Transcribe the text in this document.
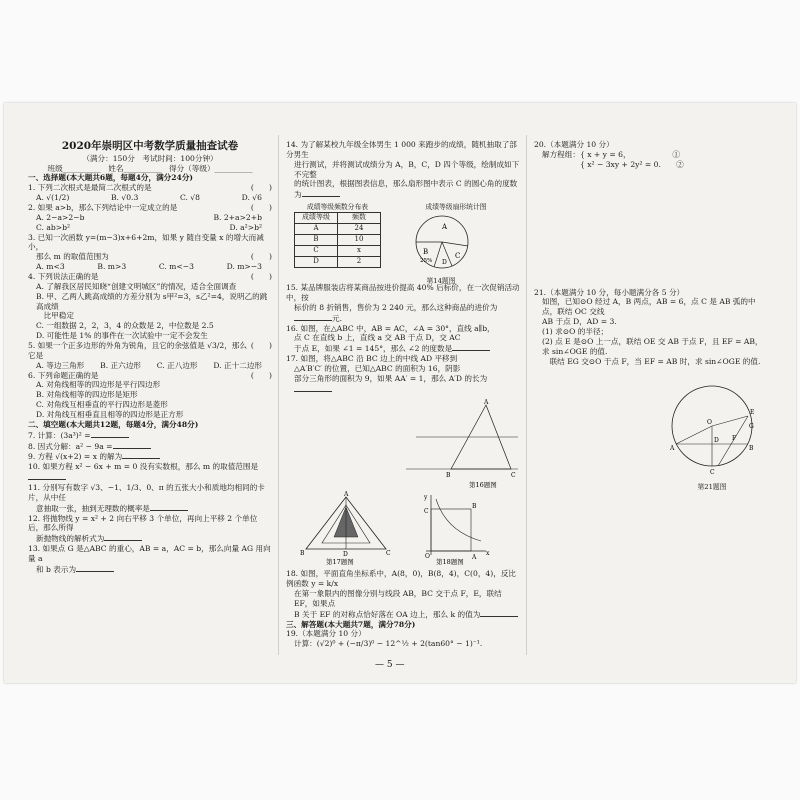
2020年崇明区中考数学质量抽查试卷

（满分：150分　考试时间：100分钟）

班级__________　姓名__________　得分（等级）__________

一、选择题(本大题共6题，每题4分，满分24分)

(　　)
1. 下列二次根式是最简二次根式的是

A. √(1/2)	B. √0.3	C. √8	D. √6

(　　)
2. 如果 a>b，那么下列结论中一定成立的是

A. 2−a>2−b	B. 2+a>2+b
C. ab>b²	D. a²>b²

3. 已知一次函数 y=(m−3)x+6+2m，如果 y 随自变量 x 的增大而减小，

(　　)
那么 m 的取值范围为

A. m<3	B. m>3	C. m<−3	D. m>−3

(　　)
4. 下列说法正确的是

A. 了解我区居民知晓“创建文明城区”的情况，适合全面调查

B. 甲、乙两人跳高成绩的方差分别为 s甲²=3，s乙²=4，说明乙的跳高成绩

　比甲稳定

C. 一组数据 2，2，3，4 的众数是 2，中位数是 2.5

D. 可能性是 1% 的事件在一次试验中一定不会发生

(　　)
5. 如果一个正多边形的外角为锐角，且它的余弦值是 √3/2，那么它是

A. 等边三角形 B. 正六边形 C. 正八边形 D. 正十二边形

(　　)
6. 下列命题正确的是

A. 对角线相等的四边形是平行四边形

B. 对角线相等的四边形是矩形

C. 对角线互相垂直的平行四边形是菱形

D. 对角线互相垂直且相等的四边形是正方形

二、填空题(本大题共12题，每题4分，满分48分)

7. 计算：(3a³)² =

8. 因式分解：a² − 9a =

9. 方程 √(x+2) = x 的解为

10. 如果方程 x² − 6x + m = 0 没有实数根，那么 m 的取值范围是

11. 分别写有数字 √3、−1、1/3、0、π 的五张大小和质地均相同的卡片，从中任

意抽取一张，抽到无理数的概率是

12. 将抛物线 y = x² + 2 向右平移 3 个单位，再向上平移 2 个单位后，那么所得

新抛物线的解析式为

13. 如果点 G 是△ABC 的重心，AB = a，AC = b，那么向量 AG 用向量 a

和 b 表示为

14. 为了解某校九年级全体男生 1 000 来跑步的成绩，随机抽取了部分男生

进行测试，并将测试成绩分为 A，B，C，D 四个等级，绘制成如下不完整

的统计图表，根据图表信息，那么扇形图中表示 C 的圆心角的度数为

成绩等级频数分布表
成绩等级	频数
A	24
B	10
C	x
D	2
成绩等级扇形统计图
A
B	C
D
25%
第14题图

15. 某品牌服装店将某商品按进价提高 40% 后标价，在一次促销活动中，按

标价的 8 折销售，售价为 2 240 元，那么这种商品的进价为元.

16. 如图，在△ABC 中，AB = AC，∠A = 30°，直线 a∥b，

点 C 在直线 b 上，直线 a 交 AB 于点 D，交 AC

于点 E，如果 ∠1 = 145°，那么 ∠2 的度数是

17. 如图，将△ABC 沿 BC 边上的中线 AD 平移到

△A′B′C′ 的位置，已知△ABC 的面积为 16，阴影

部分三角形的面积为 9，如果 AA′ = 1，那么 A′D 的长为

A
B	C
第16题图

A
B	C
D
y
x
O
C
B
A
第17题图	第18题图

18. 如图，平面直角坐标系中，A(8，0)，B(8，4)，C(0，4)，反比例函数 y = k/x

在第一象限内的图像分别与线段 AB，BC 交于点 F，E，联结 EF，如果点

B 关于 EF 的对称点恰好落在 OA 边上，那么 k 的值为

三、解答题(本大题共7题，满分78分)

19.（本题满分 10 分）

计算：(√2)⁰ + (−π/3)⁰ − 12^½ + 2(tan60° − 1)⁻¹.

20.（本题满分 10 分）

解方程组：{ x + y = 6，　　　　　　①

　　　　　{ x² − 3xy + 2y² = 0.　　②

21.（本题满分 10 分，每小题满分各 5 分）

如图，已知⊙O 经过 A，B 两点，AB = 6，点 C 是 AB 弧的中点，联结 OC 交线

AB 于点 D，AD = 3.

(1) 求⊙O 的半径；

(2) 点 E 是⊙O 上一点，联结 OE 交 AB 于点 F，且 EF = AB，求 sin∠OGE 的值.

　联结 EG 交⊙O 于点 F，当 EF = AB 时，求 sin∠OGE 的值.

O
A	B
C
E
D F
G
第21题图
— 5 —
